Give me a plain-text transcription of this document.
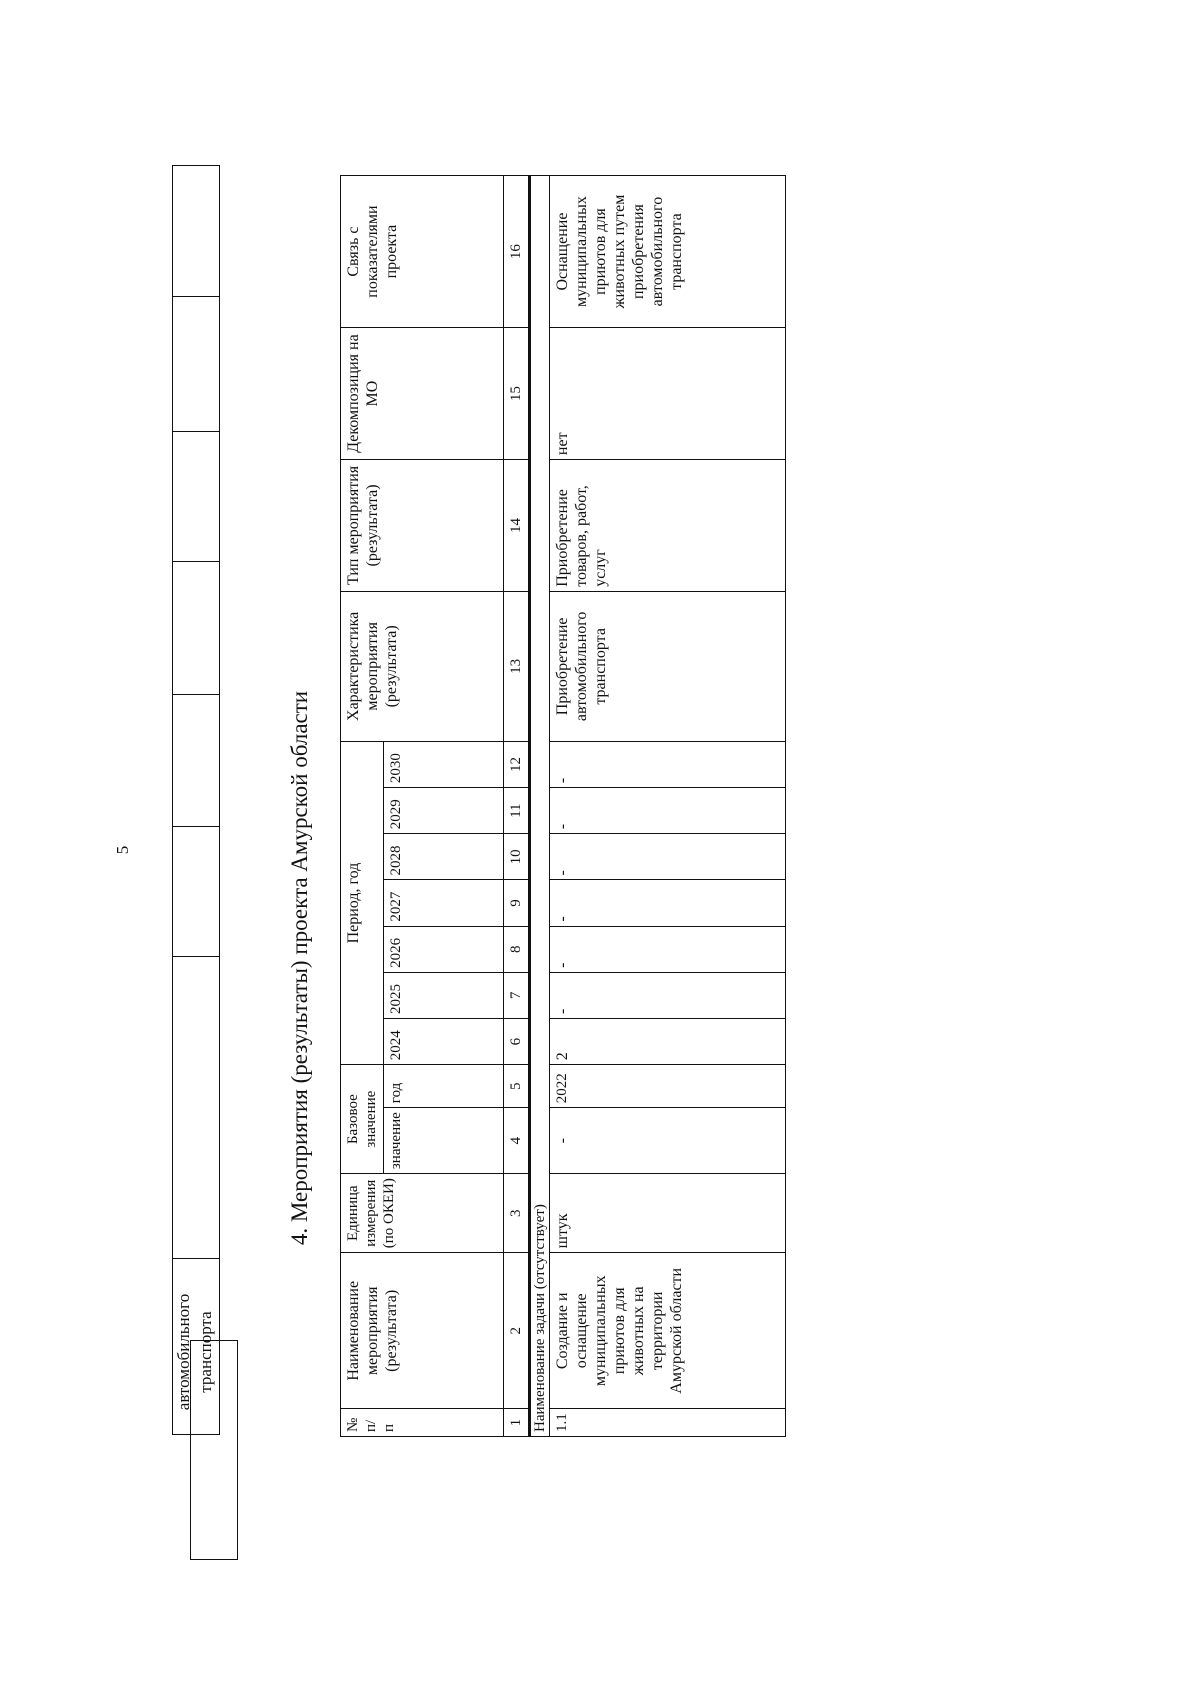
5
автомобильного транспорта
4. Мероприятия (результаты) проекта Амурской области
№ п/п	Наименование мероприятия (результата)	Единица измерения (по ОКЕИ)	Базовое значение		Период, год							Характеристика мероприятия (результата)	Тип мероприятия (результата)	Декомпозиция на МО	Связь с показателями проекта
			значение	год	2024	2025	2026	2027	2028	2029	2030				
1	2	3	4	5	6	7	8	9	10	11	12	13	14	15	16
Наименование задачи (отсутствует)															
1.1	Создание и оснащение муниципальных приютов для животных на территории Амурской области	штук	-	2022	2	-	-	-	-	-	-	Приобретение автомобильного транспорта	Приобретение товаров, работ, услуг	нет	Оснащение муниципальных приютов для животных путем приобретения автомобильного транспорта
